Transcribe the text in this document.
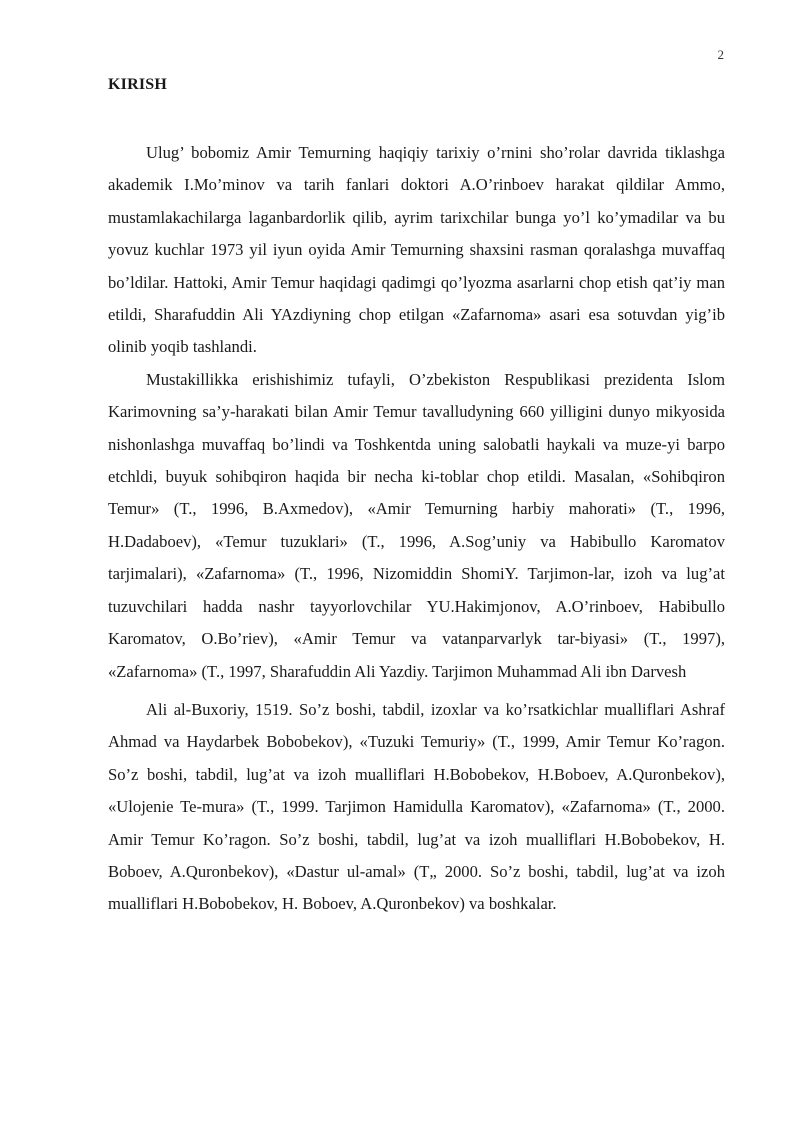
2
KIRISH

Ulug’ bobomiz Amir Temurning haqiqiy tarixiy o’rnini sho’rolar davrida tiklashga akademik I.Mo’minov va tarih fanlari doktori A.O’rinboev harakat qildilar Ammo, mustamlakachilarga laganbardorlik qilib, ayrim tarixchilar bunga yo’l ko’ymadilar va bu yovuz kuchlar 1973 yil iyun oyida Amir Temurning shaxsini rasman qoralashga muvaffaq bo’ldilar. Hattoki, Amir Temur haqidagi qadimgi qo’lyozma asarlarni chop etish qat’iy man etildi, Sharafuddin Ali YAzdiyning chop etilgan «Zafarnoma» asari esa sotuvdan yig’ib olinib yoqib tashlandi.

Mustakillikka erishishimiz tufayli, O’zbekiston Respublikasi prezidenta Islom Karimovning sa’y-harakati bilan Amir Temur tavalludyning 660 yilligini dunyo mikyosida nishonlashga muvaffaq bo’lindi va Toshkentda uning salobatli haykali va muze-yi barpo etchldi, buyuk sohibqiron haqida bir necha ki-toblar chop etildi. Masalan, «Sohibqiron Temur» (T., 1996, B.Axmedov), «Amir Temurning harbiy mahorati» (T., 1996, H.Dadaboev), «Temur tuzuklari» (T., 1996, A.Sog’uniy va Habibullo Karomatov tarjimalari), «Zafarnoma» (T., 1996, Nizomiddin ShomiY. Tarjimon-lar, izoh va lug’at tuzuvchilari hadda nashr tayyorlovchilar YU.Hakimjonov, A.O’rinboev, Habibullo Karomatov, O.Bo’riev), «Amir Temur va vatanparvarlyk tar-biyasi» (T., 1997), «Zafarnoma» (T., 1997, Sharafuddin Ali Yazdiy. Tarjimon Muhammad Ali ibn Darvesh

Ali al-Buxoriy, 1519. So’z boshi, tabdil, izoxlar va ko’rsatkichlar mualliflari Ashraf Ahmad va Haydarbek Bobobekov), «Tuzuki Temuriy» (T., 1999, Amir Temur Ko’ragon. So’z boshi, tabdil, lug’at va izoh mualliflari H.Bobobekov, H.Boboev, A.Quronbekov), «Ulojenie Te-mura» (T., 1999. Tarjimon Hamidulla Karomatov), «Zafarnoma» (T., 2000. Amir Temur Ko’ragon. So’z boshi, tabdil, lug’at va izoh mualliflari H.Bobobekov, H. Boboev, A.Quronbekov), «Dastur ul-amal» (T„ 2000. So’z boshi, tabdil, lug’at va izoh mualliflari H.Bobobekov, H. Boboev, A.Quronbekov) va boshkalar.
